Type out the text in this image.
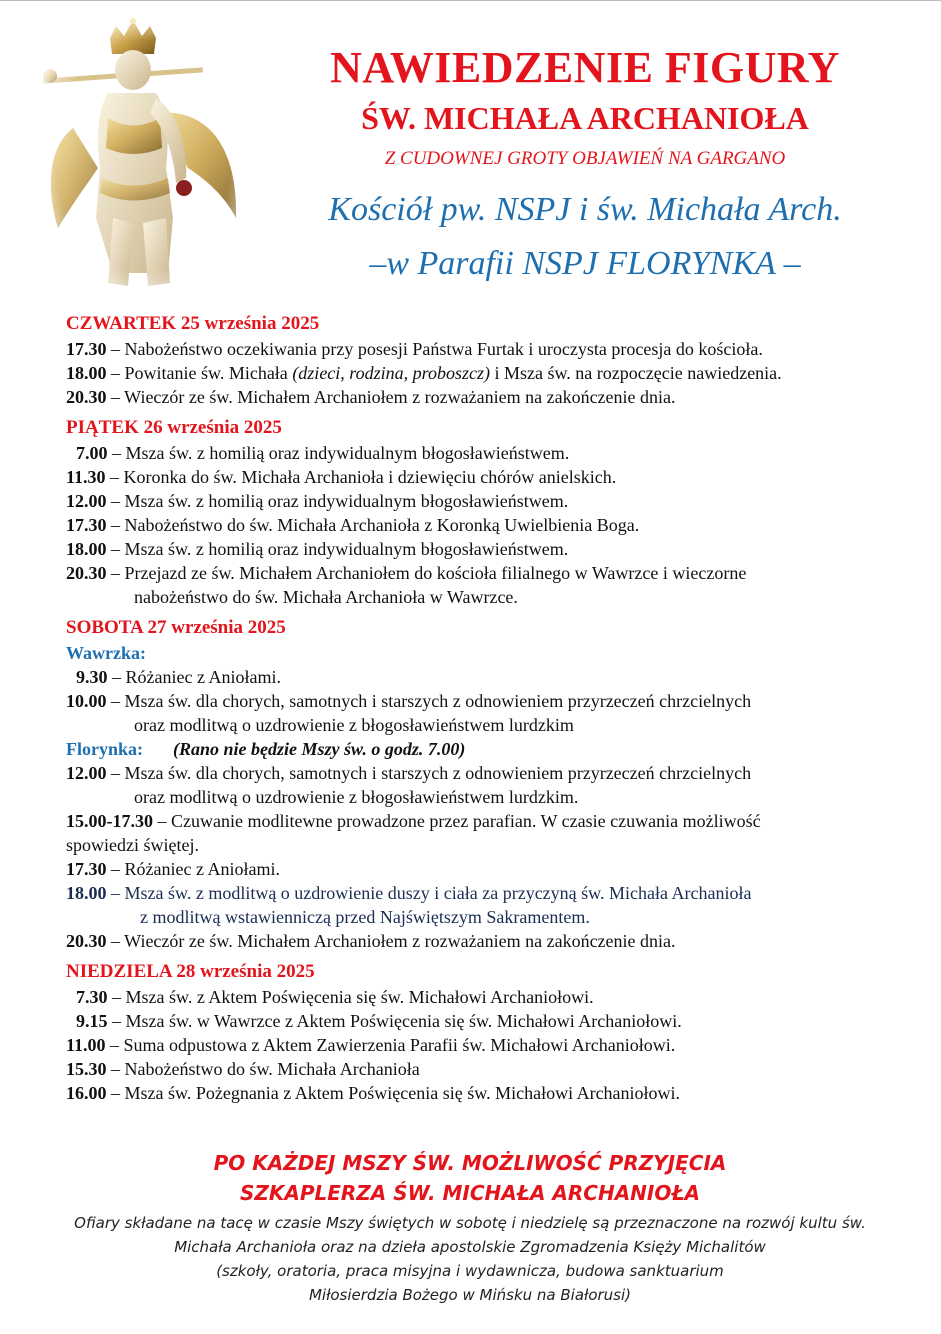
NAWIEDZENIE FIGURY
ŚW. MICHAŁA ARCHANIOŁA
Z CUDOWNEJ GROTY OBJAWIEŃ NA GARGANO
Kościół pw. NSPJ i św. Michała Arch.
–w Parafii NSPJ FLORYNKA –
CZWARTEK 25 września 2025
17.30 – Nabożeństwo oczekiwania przy posesji Państwa Furtak i uroczysta procesja do kościoła.
18.00 – Powitanie św. Michała (dzieci, rodzina, proboszcz) i Msza św. na rozpoczęcie nawiedzenia.
20.30 – Wieczór ze św. Michałem Archaniołem z rozważaniem na zakończenie dnia.
PIĄTEK 26 września 2025
7.00 – Msza św. z homilią oraz indywidualnym błogosławieństwem.
11.30 – Koronka do św. Michała Archanioła i dziewięciu chórów anielskich.
12.00 – Msza św. z homilią oraz indywidualnym błogosławieństwem.
17.30 – Nabożeństwo do św. Michała Archanioła z Koronką Uwielbienia Boga.
18.00 – Msza św. z homilią oraz indywidualnym błogosławieństwem.
20.30 – Przejazd ze św. Michałem Archaniołem do kościoła filialnego w Wawrzce i wieczorne
nabożeństwo do św. Michała Archanioła w Wawrzce.
SOBOTA 27 września 2025
Wawrzka:
9.30 – Różaniec z Aniołami.
10.00 – Msza św. dla chorych, samotnych i starszych z odnowieniem przyrzeczeń chrzcielnych
oraz modlitwą o uzdrowienie z błogosławieństwem lurdzkim
Florynka: (Rano nie będzie Mszy św. o godz. 7.00)
12.00 – Msza św. dla chorych, samotnych i starszych z odnowieniem przyrzeczeń chrzcielnych
oraz modlitwą o uzdrowienie z błogosławieństwem lurdzkim.
15.00-17.30 – Czuwanie modlitewne prowadzone przez parafian. W czasie czuwania możliwość
spowiedzi świętej.
17.30 – Różaniec z Aniołami.
18.00 – Msza św. z modlitwą o uzdrowienie duszy i ciała za przyczyną św. Michała Archanioła
z modlitwą wstawienniczą przed Najświętszym Sakramentem.
20.30 – Wieczór ze św. Michałem Archaniołem z rozważaniem na zakończenie dnia.
NIEDZIELA 28 września 2025
7.30 – Msza św. z Aktem Poświęcenia się św. Michałowi Archaniołowi.
9.15 – Msza św. w Wawrzce z Aktem Poświęcenia się św. Michałowi Archaniołowi.
11.00 – Suma odpustowa z Aktem Zawierzenia Parafii św. Michałowi Archaniołowi.
15.30 – Nabożeństwo do św. Michała Archanioła
16.00 – Msza św. Pożegnania z Aktem Poświęcenia się św. Michałowi Archaniołowi.
PO KAŻDEJ MSZY ŚW. MOŻLIWOŚĆ PRZYJĘCIA
SZKAPLERZA ŚW. MICHAŁA ARCHANIOŁA
Ofiary składane na tacę w czasie Mszy świętych w sobotę i niedzielę są przeznaczone na rozwój kultu św.
Michała Archanioła oraz na dzieła apostolskie Zgromadzenia Księży Michalitów
(szkoły, oratoria, praca misyjna i wydawnicza, budowa sanktuarium
Miłosierdzia Bożego w Mińsku na Białorusi)
